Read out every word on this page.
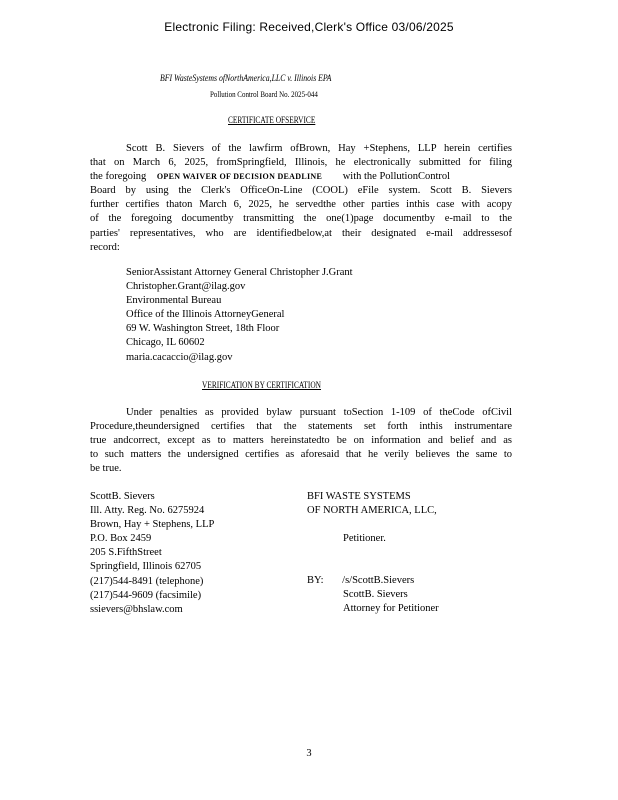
Electronic Filing: Received,Clerk's Office 03/06/2025
BFI WasteSystems ofNorthAmerica,LLC v. Illinois EPA
Pollution Control Board No. 2025-044
CERTIFICATE OFSERVICE
Scott B. Sievers of the lawfirm ofBrown, Hay +Stephens, LLP herein certifies
that on March 6, 2025, fromSpringfield, Illinois, he electronically submitted for filing
the foregoing OPEN WAIVER OF DECISION DEADLINE with the PollutionControl
Board by using the Clerk's OfficeOn-Line (COOL) eFile system. Scott B. Sievers
further certifies thaton March 6, 2025, he servedthe other parties inthis case with acopy
of the foregoing documentby transmitting the one(1)page documentby e-mail to the
parties' representatives, who are identifiedbelow,at their designated e-mail addressesof
record:
SeniorAssistant Attorney General Christopher J.Grant
Christopher.Grant@ilag.gov
Environmental Bureau
Office of the Illinois AttorneyGeneral
69 W. Washington Street, 18th Floor
Chicago, IL 60602
maria.cacaccio@ilag.gov
VERIFICATION BY CERTIFICATION
Under penalties as provided bylaw pursuant toSection 1-109 of theCode ofCivil
Procedure,theundersigned certifies that the statements set forth inthis instrumentare
true andcorrect, except as to matters hereinstatedto be on information and belief and as
to such matters the undersigned certifies as aforesaid that he verily believes the same to
be true.
ScottB. Sievers
Ill. Atty. Reg. No. 6275924
Brown, Hay + Stephens, LLP
P.O. Box 2459
205 S.FifthStreet
Springfield, Illinois 62705
(217)544-8491 (telephone)
(217)544-9609 (facsimile)
ssievers@bhslaw.com
BFI WASTE SYSTEMS
OF NORTH AMERICA, LLC,
Petitioner.
BY: /s/ScottB.Sievers
ScottB. Sievers
Attorney for Petitioner
3
